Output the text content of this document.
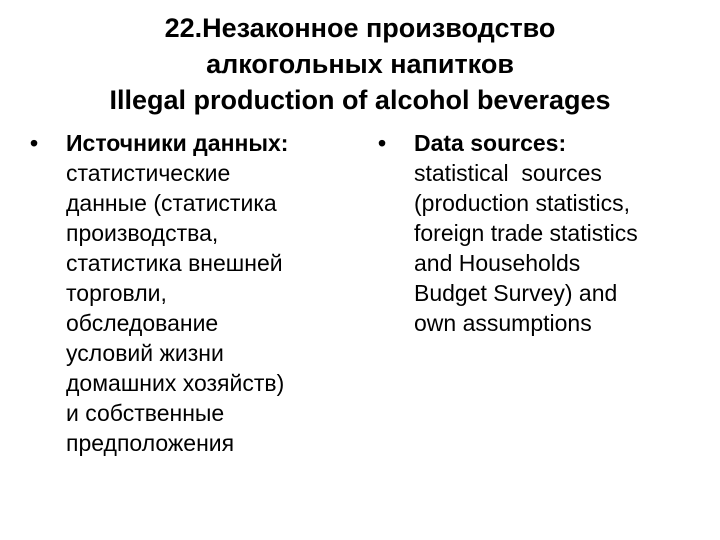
22.Незаконное производство
алкогольных напитков
Illegal production of alcohol beverages
•	Источники данных:
статистические
данные (статистика
производства,
статистика внешней
торговли,
обследование
условий жизни
домашних хозяйств)
и собственные
предположения
•	Data sources:
statistical  sources
(production statistics,
foreign trade statistics
and Households
Budget Survey) and
own assumptions
